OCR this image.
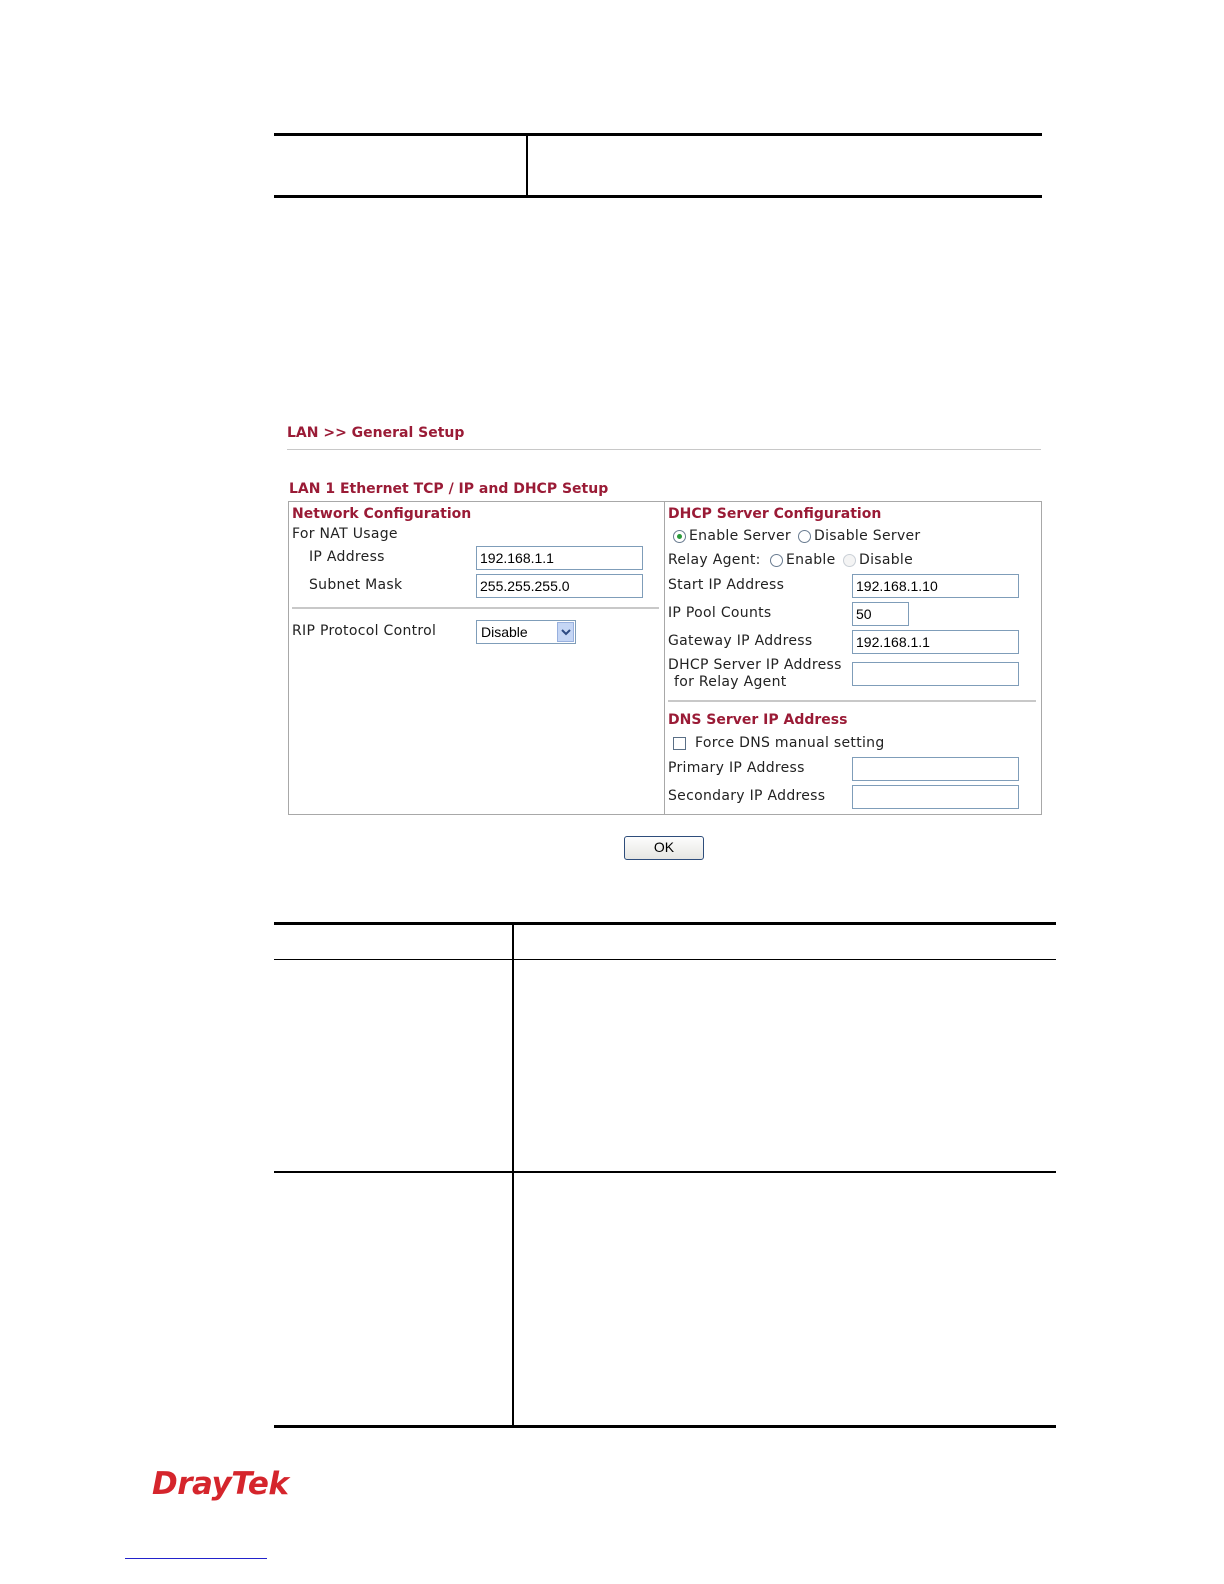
LAN >> General Setup
LAN 1 Ethernet TCP / IP and DHCP Setup
Network Configuration
For NAT Usage
IP Address	192.168.1.1
Subnet Mask	255.255.255.0
RIP Protocol Control	Disable
DHCP Server Configuration
Enable Server Disable Server
Relay Agent: Enable Disable
Start IP Address	192.168.1.10
IP Pool Counts	50
Gateway IP Address	192.168.1.1
DHCP Server IP Address
for Relay Agent
DNS Server IP Address
Force DNS manual setting
Primary IP Address
Secondary IP Address
OK
DrayTek
